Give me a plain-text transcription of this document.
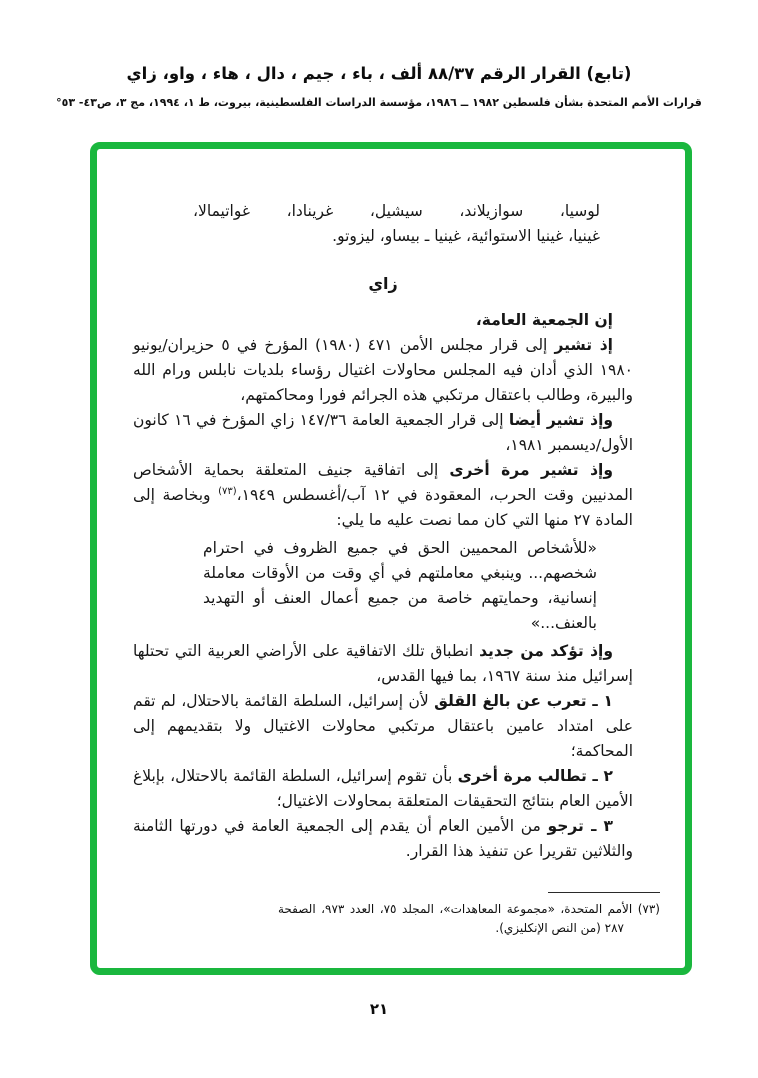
(تابع) القرار الرقم ٨٨/٣٧ ألف ، باء ، جيم ، دال ، هاء ، واو، زاي
قرارات الأمم المتحدة بشأن فلسطين ١٩٨٢ ــ ١٩٨٦، مؤسسة الدراسات الفلسطينية، بيروت، ط ١، ١٩٩٤، مج ٣، ص٤٣- ٥٣°
لوسيا، سوازيلاند، سيشيل، غرينادا، غواتيمالا،
غينيا، غينيا الاستوائية، غينيا ـ بيساو، ليزوتو.
زاي
إن الجمعية العامة،
إذ تشير إلى قرار مجلس الأمن ٤٧١ (١٩٨٠) المؤرخ في ٥ حزيران/يونيو ١٩٨٠ الذي أدان فيه المجلس محاولات اغتيال رؤساء بلديات نابلس ورام الله والبيرة، وطالب باعتقال مرتكبي هذه الجرائم فورا ومحاكمتهم،
وإذ تشير أيضا إلى قرار الجمعية العامة ١٤٧/٣٦ زاي المؤرخ في ١٦ كانون الأول/ديسمبر ١٩٨١،
وإذ تشير مرة أخرى إلى اتفاقية جنيف المتعلقة بحماية الأشخاص المدنيين وقت الحرب، المعقودة في ١٢ آب/أغسطس ١٩٤٩،$^{(٧٣)}$ وبخاصة إلى المادة ٢٧ منها التي كان مما نصت عليه ما يلي:
«للأشخاص المحميين الحق في جميع الظروف في احترام شخصهم... وينبغي معاملتهم في أي وقت من الأوقات معاملة إنسانية، وحمايتهم خاصة من جميع أعمال العنف أو التهديد بالعنف...»
وإذ تؤكد من جديد انطباق تلك الاتفاقية على الأراضي العربية التي تحتلها إسرائيل منذ سنة ١٩٦٧، بما فيها القدس،
١ ـ تعرب عن بالغ القلق لأن إسرائيل، السلطة القائمة بالاحتلال، لم تقم على امتداد عامين باعتقال مرتكبي محاولات الاغتيال ولا بتقديمهم إلى المحاكمة؛
٢ ـ تطالب مرة أخرى بأن تقوم إسرائيل، السلطة القائمة بالاحتلال، بإبلاغ الأمين العام بنتائج التحقيقات المتعلقة بمحاولات الاغتيال؛
٣ ـ ترجو من الأمين العام أن يقدم إلى الجمعية العامة في دورتها الثامنة والثلاثين تقريرا عن تنفيذ هذا القرار.
(٧٣) الأمم المتحدة، «مجموعة المعاهدات»، المجلد ٧٥، العدد ٩٧٣، الصفحة ٢٨٧ (من النص الإنكليزي).
٢١
